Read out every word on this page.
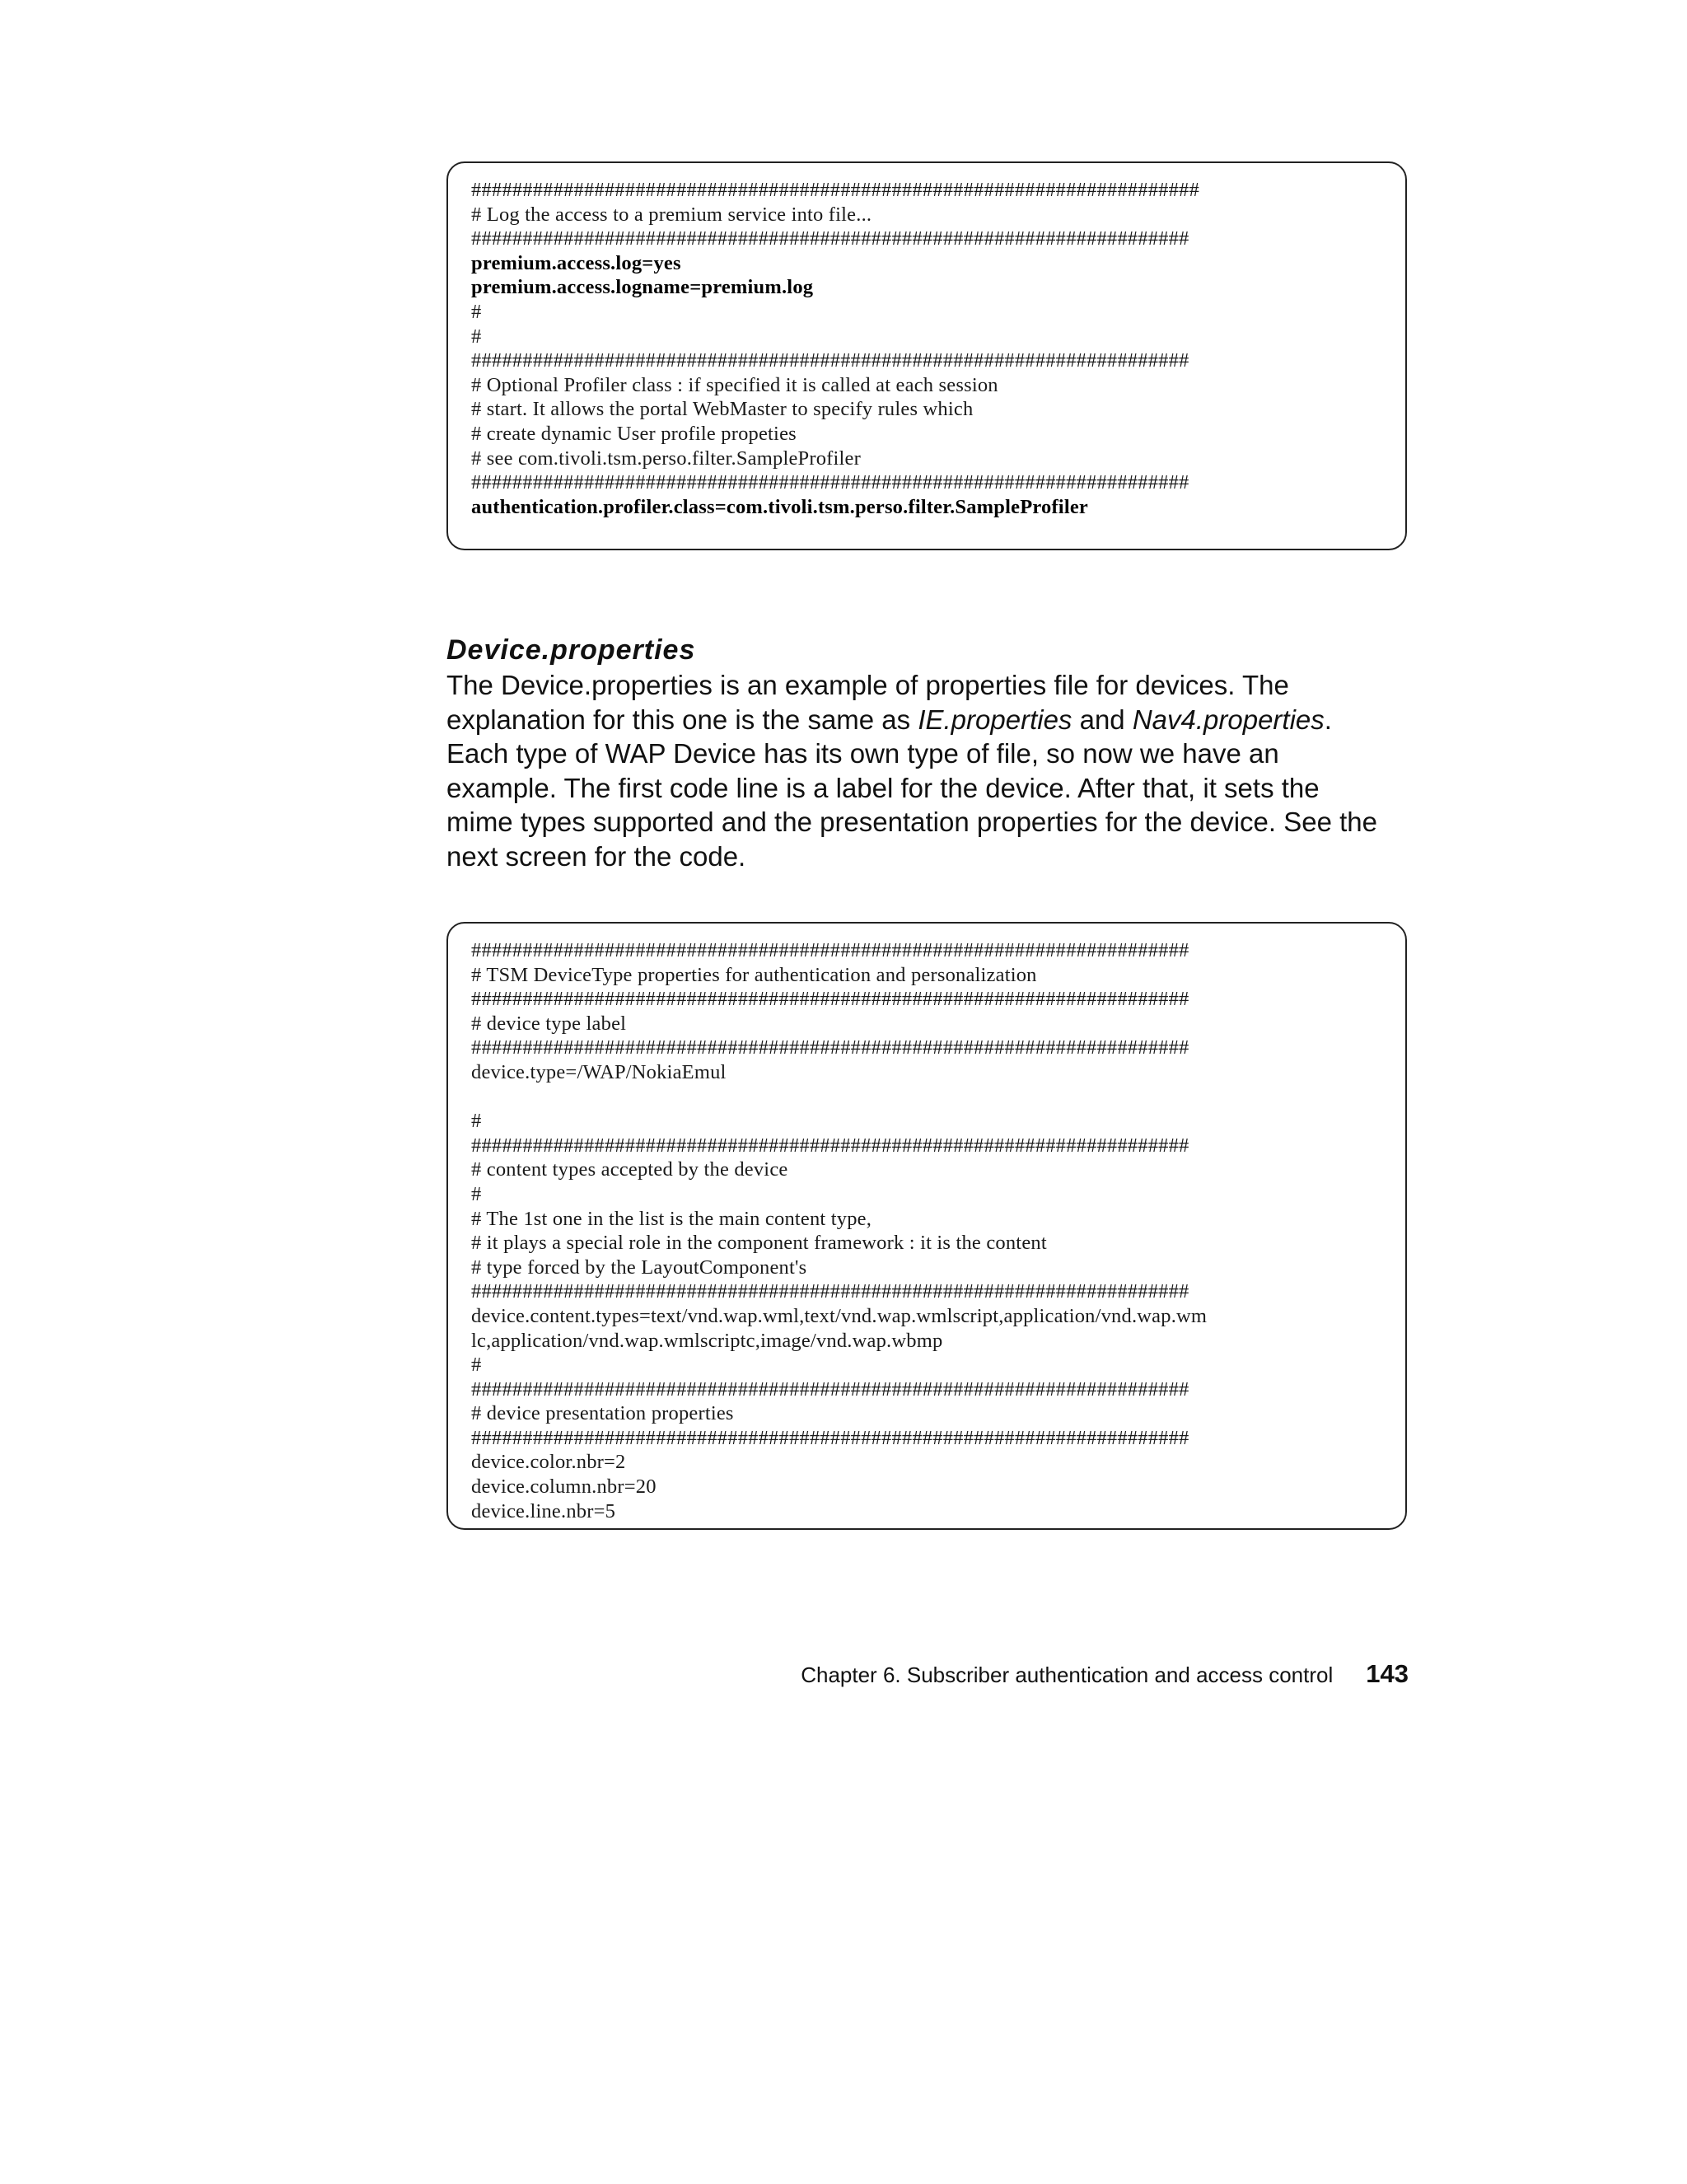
#######################################################################
# Log the access to a premium service into file...
######################################################################
premium.access.log=yes
premium.access.logname=premium.log
#
#
######################################################################
# Optional Profiler class : if specified it is called at each session
# start. It allows the portal WebMaster to specify rules which
# create dynamic User profile propeties
# see com.tivoli.tsm.perso.filter.SampleProfiler
######################################################################
authentication.profiler.class=com.tivoli.tsm.perso.filter.SampleProfiler
Device.properties
The Device.properties is an example of properties file for devices. The
explanation for this one is the same as IE.properties and Nav4.properties.
Each type of WAP Device has its own type of file, so now we have an
example. The first code line is a label for the device. After that, it sets the
mime types supported and the presentation properties for the device. See the
next screen for the code.
######################################################################
# TSM DeviceType properties for authentication and personalization
######################################################################
# device type label
######################################################################
device.type=/WAP/NokiaEmul

#
######################################################################
# content types accepted by the device
#
# The 1st one in the list is the main content type,
# it plays a special role in the component framework : it is the content
# type forced by the LayoutComponent's
######################################################################
device.content.types=text/vnd.wap.wml,text/vnd.wap.wmlscript,application/vnd.wap.wm
lc,application/vnd.wap.wmlscriptc,image/vnd.wap.wbmp
#
######################################################################
# device presentation properties
######################################################################
device.color.nbr=2
device.column.nbr=20
device.line.nbr=5
Chapter 6. Subscriber authentication and access control 143
